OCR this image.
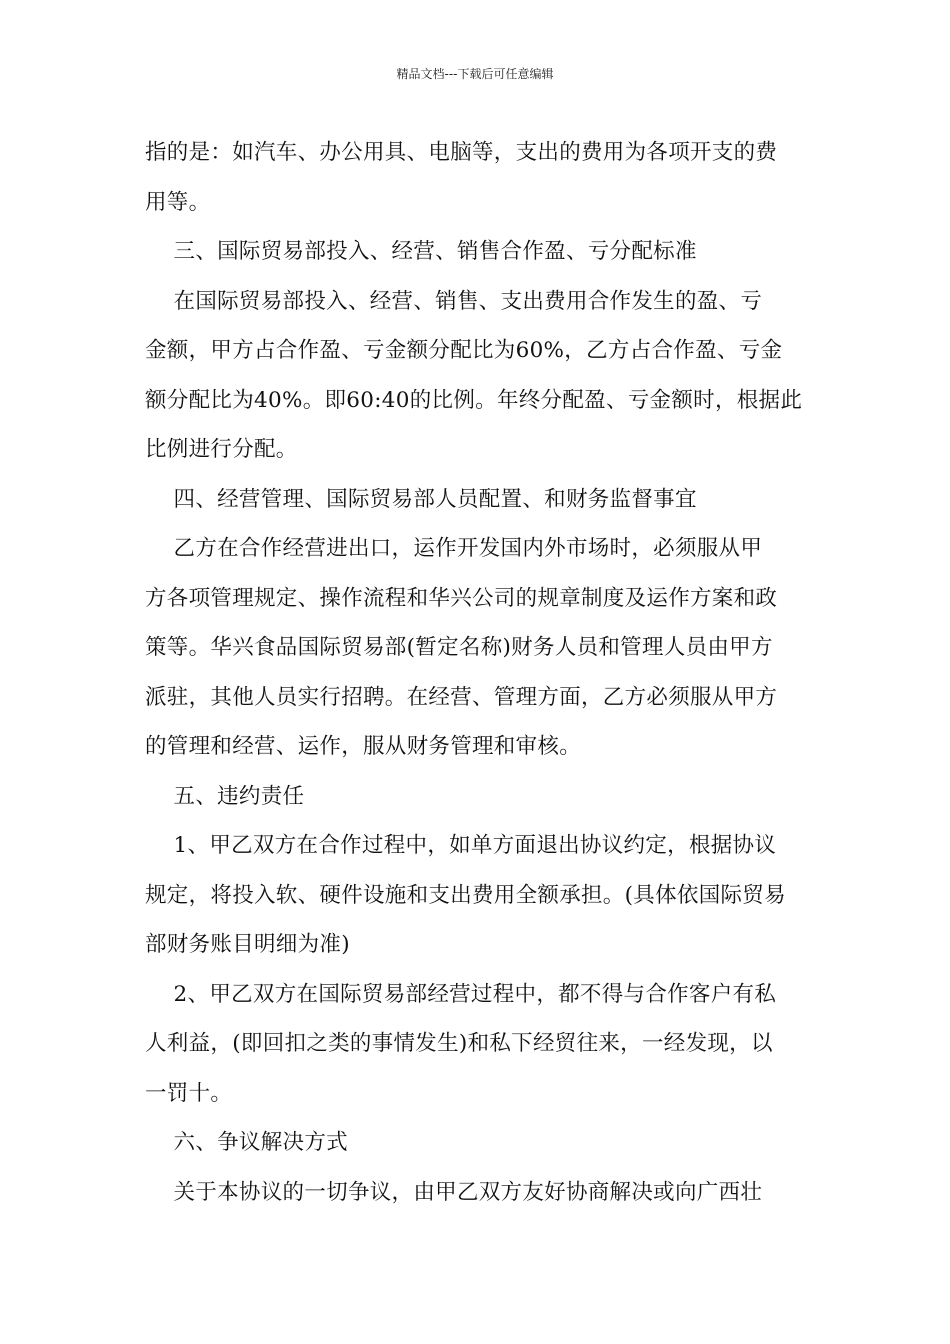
精品文档---下载后可任意编辑

指的是：如汽车、办公用具、电脑等，支出的费用为各项开支的费

用等。

三、国际贸易部投入、经营、销售合作盈、亏分配标准

在国际贸易部投入、经营、销售、支出费用合作发生的盈、亏

金额，甲方占合作盈、亏金额分配比为60%，乙方占合作盈、亏金

额分配比为40%。即60:40的比例。年终分配盈、亏金额时，根据此

比例进行分配。

四、经营管理、国际贸易部人员配置、和财务监督事宜

乙方在合作经营进出口，运作开发国内外市场时，必须服从甲

方各项管理规定、操作流程和华兴公司的规章制度及运作方案和政

策等。华兴食品国际贸易部(暂定名称)财务人员和管理人员由甲方

派驻，其他人员实行招聘。在经营、管理方面，乙方必须服从甲方

的管理和经营、运作，服从财务管理和审核。

五、违约责任

1、甲乙双方在合作过程中，如单方面退出协议约定，根据协议

规定，将投入软、硬件设施和支出费用全额承担。(具体依国际贸易

部财务账目明细为准)

2、甲乙双方在国际贸易部经营过程中，都不得与合作客户有私

人利益，(即回扣之类的事情发生)和私下经贸往来，一经发现，以

一罚十。

六、争议解决方式

关于本协议的一切争议，由甲乙双方友好协商解决或向广西壮
